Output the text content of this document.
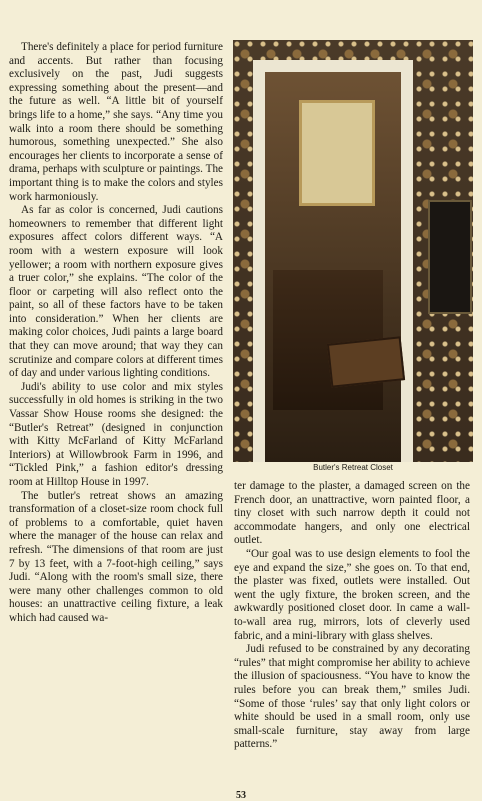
There's definitely a place for period furniture and accents. But rather than focusing exclusively on the past, Judi suggests expressing something about the present—and the future as well. “A little bit of yourself brings life to a home,” she says. “Any time you walk into a room there should be something humorous, something unexpected.” She also encourages her clients to incorporate a sense of drama, perhaps with sculpture or paintings. The important thing is to make the colors and styles work harmoniously.

As far as color is concerned, Judi cautions homeowners to remember that different light exposures affect colors different ways. “A room with a western exposure will look yellower; a room with northern exposure gives a truer color,” she explains. “The color of the floor or carpeting will also reflect onto the paint, so all of these factors have to be taken into consideration.” When her clients are making color choices, Judi paints a large board that they can move around; that way they can scrutinize and compare colors at different times of day and under various lighting conditions.

Judi's ability to use color and mix styles successfully in old homes is striking in the two Vassar Show House rooms she designed: the “Butler's Retreat” (designed in conjunction with Kitty McFarland of Kitty McFarland Interiors) at Willowbrook Farm in 1996, and “Tickled Pink,” a fashion editor's dressing room at Hilltop House in 1997.

The butler's retreat shows an amazing transformation of a closet-size room chock full of problems to a comfortable, quiet haven where the manager of the house can relax and refresh. “The dimensions of that room are just 7 by 13 feet, with a 7-foot-high ceiling,” says Judi. “Along with the room's small size, there were many other challenges common to old houses: an unattractive ceiling fixture, a leak which had caused wa-

Butler's Retreat Closet

ter damage to the plaster, a damaged screen on the French door, an unattractive, worn painted floor, a tiny closet with such narrow depth it could not accommodate hangers, and only one electrical outlet.

“Our goal was to use design elements to fool the eye and expand the size,” she goes on. To that end, the plaster was fixed, outlets were installed. Out went the ugly fixture, the broken screen, and the awkwardly positioned closet door. In came a wall-to-wall area rug, mirrors, lots of cleverly used fabric, and a mini-library with glass shelves.

Judi refused to be constrained by any decorating “rules” that might compromise her ability to achieve the illusion of spaciousness. “You have to know the rules before you can break them,” smiles Judi. “Some of those ‘rules’ say that only light colors or white should be used in a small room, only use small-scale furniture, stay away from large patterns.”

53
